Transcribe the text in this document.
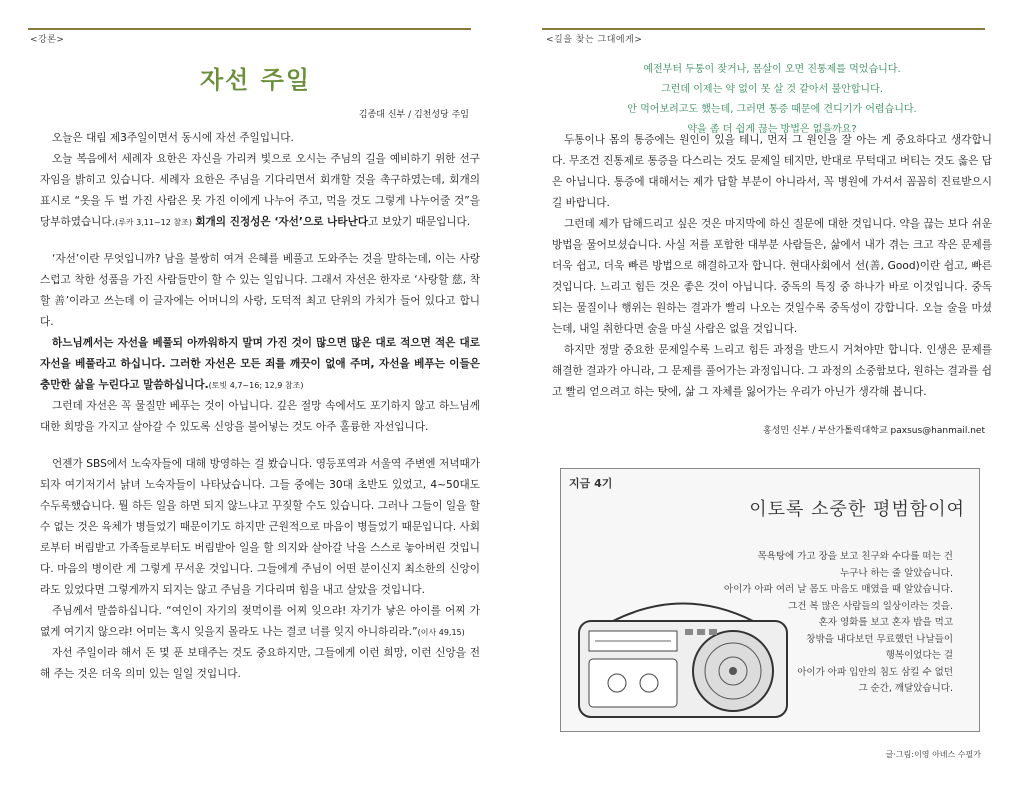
<강론>
자선 주일
김종대 신부 / 김천성당 주임

오늘은 대림 제3주일이면서 동시에 자선 주일입니다.

오늘 복음에서 세례자 요한은 자신을 가리켜 빛으로 오시는 주님의 길을 예비하기 위한 선구자임을 밝히고 있습니다. 세례자 요한은 주님을 기다리면서 회개할 것을 촉구하였는데, 회개의 표시로 “옷을 두 벌 가진 사람은 못 가진 이에게 나누어 주고, 먹을 것도 그렇게 나누어줄 것”을 당부하였습니다.(루카 3,11~12 참조) 회개의 진정성은 ‘자선’으로 나타난다고 보았기 때문입니다.

‘자선’이란 무엇입니까? 남을 불쌍히 여겨 은혜를 베풀고 도와주는 것을 말하는데, 이는 사랑스럽고 착한 성품을 가진 사람들만이 할 수 있는 일입니다. 그래서 자선은 한자로 ‘사랑할 慈, 착할 善’이라고 쓰는데 이 글자에는 어머니의 사랑, 도덕적 최고 단위의 가치가 들어 있다고 합니다.

하느님께서는 자선을 베풀되 아까워하지 말며 가진 것이 많으면 많은 대로 적으면 적은 대로 자선을 베풀라고 하십니다. 그러한 자선은 모든 죄를 깨끗이 없애 주며, 자선을 베푸는 이들은 충만한 삶을 누린다고 말씀하십니다.(토빗 4,7~16; 12,9 참조)

그런데 자선은 꼭 물질만 베푸는 것이 아닙니다. 깊은 절망 속에서도 포기하지 않고 하느님께 대한 희망을 가지고 살아갈 수 있도록 신앙을 불어넣는 것도 아주 훌륭한 자선입니다.

언젠가 SBS에서 노숙자들에 대해 방영하는 걸 봤습니다. 영등포역과 서울역 주변엔 저녁때가 되자 여기저기서 낡녀 노숙자들이 나타났습니다. 그들 중에는 30대 초반도 있었고, 4~50대도 수두룩했습니다. 뭘 하든 일을 하면 되지 않느냐고 꾸짖할 수도 있습니다. 그러나 그들이 일을 할 수 없는 것은 육체가 병들었기 때문이기도 하지만 근원적으로 마음이 병들었기 때문입니다. 사회로부터 버림받고 가족들로부터도 버림받아 일을 할 의지와 살아갈 낙을 스스로 놓아버린 것입니다. 마음의 병이란 게 그렇게 무서운 것입니다. 그들에게 주님이 어떤 분이신지 최소한의 신앙이라도 있었다면 그렇게까지 되지는 않고 주님을 기다리며 힘을 내고 살았을 것입니다.

주님께서 말씀하십니다. “여인이 자기의 젖먹이를 어찌 잊으랴! 자기가 낳은 아이를 어찌 가엾게 여기지 않으랴! 어미는 혹시 잊을지 몰라도 나는 결코 너를 잊지 아니하리라.”(이사 49,15)

자선 주일이라 해서 돈 몇 푼 보태주는 것도 중요하지만, 그들에게 이런 희망, 이런 신앙을 전해 주는 것은 더욱 의미 있는 일일 것입니다.

<길을 찾는 그대에게>
예전부터 두통이 잦거나, 몸살이 오면 진통제를 먹었습니다.
그런데 이제는 약 없이 못 살 것 같아서 불안합니다.
안 먹어보려고도 했는데, 그러면 통증 때문에 견디기가 어렵습니다.
약을 좀 더 쉽게 끊는 방법은 없을까요?

두통이나 몸의 통증에는 원인이 있을 테니, 먼저 그 원인을 잘 아는 게 중요하다고 생각합니다. 무조건 진통제로 통증을 다스리는 것도 문제일 테지만, 반대로 무턱대고 버티는 것도 옳은 답은 아닙니다. 통증에 대해서는 제가 답할 부분이 아니라서, 꼭 병원에 가셔서 꼼꼼히 진료받으시길 바랍니다.

그런데 제가 답해드리고 싶은 것은 마지막에 하신 질문에 대한 것입니다. 약을 끊는 보다 쉬운 방법을 물어보셨습니다. 사실 저를 포함한 대부분 사람들은, 삶에서 내가 겪는 크고 작은 문제를 더욱 쉽고, 더욱 빠른 방법으로 해결하고자 합니다. 현대사회에서 선(善, Good)이란 쉽고, 빠른 것입니다. 느리고 힘든 것은 좋은 것이 아닙니다. 중독의 특징 중 하나가 바로 이것입니다. 중독되는 물질이나 행위는 원하는 결과가 빨리 나오는 것일수록 중독성이 강합니다. 오늘 술을 마셨는데, 내일 취한다면 술을 마실 사람은 없을 것입니다.

하지만 정말 중요한 문제일수록 느리고 힘든 과정을 반드시 거쳐야만 합니다. 인생은 문제를 해결한 결과가 아니라, 그 문제를 풀어가는 과정입니다. 그 과정의 소중함보다, 원하는 결과를 쉽고 빨리 얻으려고 하는 탓에, 삶 그 자체를 잃어가는 우리가 아닌가 생각해 봅니다.

홍성민 신부 / 부산가톨릭대학교 paxsus@hanmail.net
지금 4기
이토록 소중한 평범함이여
목욕탕에 가고 장을 보고 친구와 수다를 떠는 건
누구나 하는 줄 알았습니다.
아이가 아파 여러 날 몸도 마음도 매였을 때 알았습니다.
그건 복 많은 사람들의 일상이라는 것을.
혼자 영화를 보고 혼자 밥을 먹고
창밖을 내다보던 무료했던 나날들이
행복이었다는 걸
아이가 아파 입안의 침도 삼킬 수 없던
그 순간, 깨달았습니다.
글·그림:이영 아녜스 수필가
